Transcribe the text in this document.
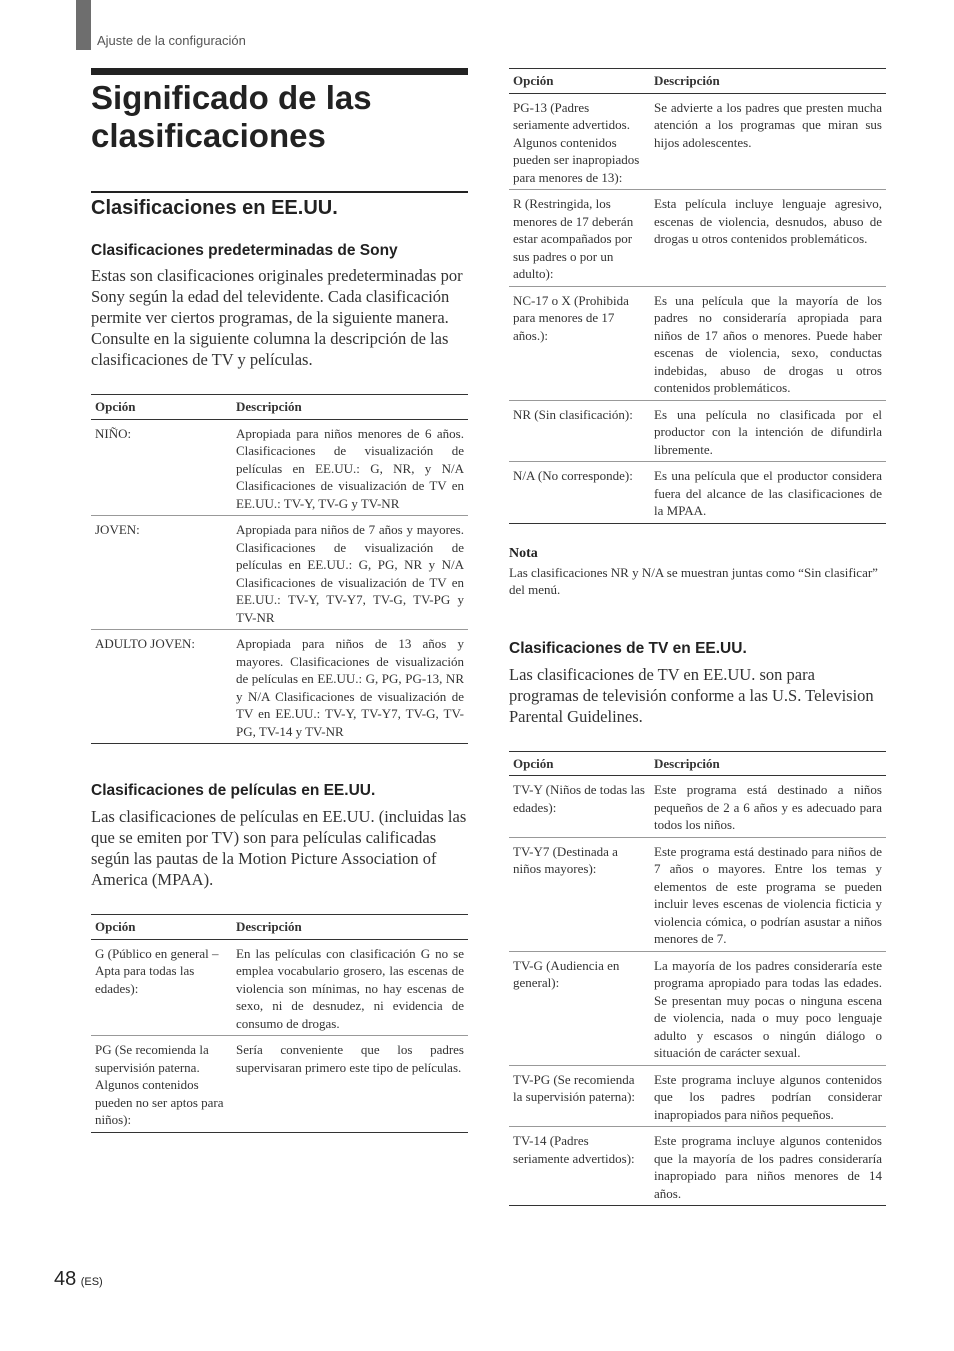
Ajuste de la configuración
Significado de las clasificaciones
Clasificaciones en EE.UU.
Clasificaciones predeterminadas de Sony

Estas son clasificaciones originales predeterminadas por Sony según la edad del televidente. Cada clasificación permite ver ciertos programas, de la siguiente manera. Consulte en la siguiente columna la descripción de las clasificaciones de TV y películas.

Opción	Descripción
NIÑO:	Apropiada para niños menores de 6 años. Clasificaciones de visualización de películas en EE.UU.: G, NR, y N/A Clasificaciones de visualización de TV en EE.UU.: TV-Y, TV-G y TV-NR
JOVEN:	Apropiada para niños de 7 años y mayores. Clasificaciones de visualización de películas en EE.UU.: G, PG, NR y N/A Clasificaciones de visualización de TV en EE.UU.: TV-Y, TV-Y7, TV-G, TV-PG y TV-NR
ADULTO JOVEN:	Apropiada para niños de 13 años y mayores. Clasificaciones de visualización de películas en EE.UU.: G, PG, PG-13, NR y N/A Clasificaciones de visualización de TV en EE.UU.: TV-Y, TV-Y7, TV-G, TV-PG, TV-14 y TV-NR
Clasificaciones de películas en EE.UU.

Las clasificaciones de películas en EE.UU. (incluidas las que se emiten por TV) son para películas calificadas según las pautas de la Motion Picture Association of America (MPAA).

Opción	Descripción
G (Público en general – Apta para todas las edades):	En las películas con clasificación G no se emplea vocabulario grosero, las escenas de violencia son mínimas, no hay escenas de sexo, ni de desnudez, ni evidencia de consumo de drogas.
PG (Se recomienda la supervisión paterna. Algunos contenidos pueden no ser aptos para niños):	Sería conveniente que los padres supervisaran primero este tipo de películas.
Opción	Descripción
PG-13 (Padres seriamente advertidos. Algunos contenidos pueden ser inapropiados para menores de 13):	Se advierte a los padres que presten mucha atención a los programas que miran sus hijos adolescentes.
R (Restringida, los menores de 17 deberán estar acompañados por sus padres o por un adulto):	Esta película incluye lenguaje agresivo, escenas de violencia, desnudos, abuso de drogas u otros contenidos problemáticos.
NC-17 o X (Prohibida para menores de 17 años.):	Es una película que la mayoría de los padres no consideraría apropiada para niños de 17 años o menores. Puede haber escenas de violencia, sexo, conductas indebidas, abuso de drogas u otros contenidos problemáticos.
NR (Sin clasificación):	Es una película no clasificada por el productor con la intención de difundirla libremente.
N/A (No corresponde):	Es una película que el productor considera fuera del alcance de las clasificaciones de la MPAA.

Nota

Las clasificaciones NR y N/A se muestran juntas como “Sin clasificar” del menú.

Clasificaciones de TV en EE.UU.

Las clasificaciones de TV en EE.UU. son para programas de televisión conforme a las U.S. Television Parental Guidelines.

Opción	Descripción
TV-Y (Niños de todas las edades):	Este programa está destinado a niños pequeños de 2 a 6 años y es adecuado para todos los niños.
TV-Y7 (Destinada a niños mayores):	Este programa está destinado para niños de 7 años o mayores. Entre los temas y elementos de este programa se pueden incluir leves escenas de violencia ficticia y violencia cómica, o podrían asustar a niños menores de 7.
TV-G (Audiencia en general):	La mayoría de los padres consideraría este programa apropiado para todas las edades. Se presentan muy pocas o ninguna escena de violencia, nada o muy poco lenguaje adulto y escasos o ningún diálogo o situación de carácter sexual.
TV-PG (Se recomienda la supervisión paterna):	Este programa incluye algunos contenidos que los padres podrían considerar inapropiados para niños pequeños.
TV-14 (Padres seriamente advertidos):	Este programa incluye algunos contenidos que la mayoría de los padres consideraría inapropiado para niños menores de 14 años.
48 (ES)
